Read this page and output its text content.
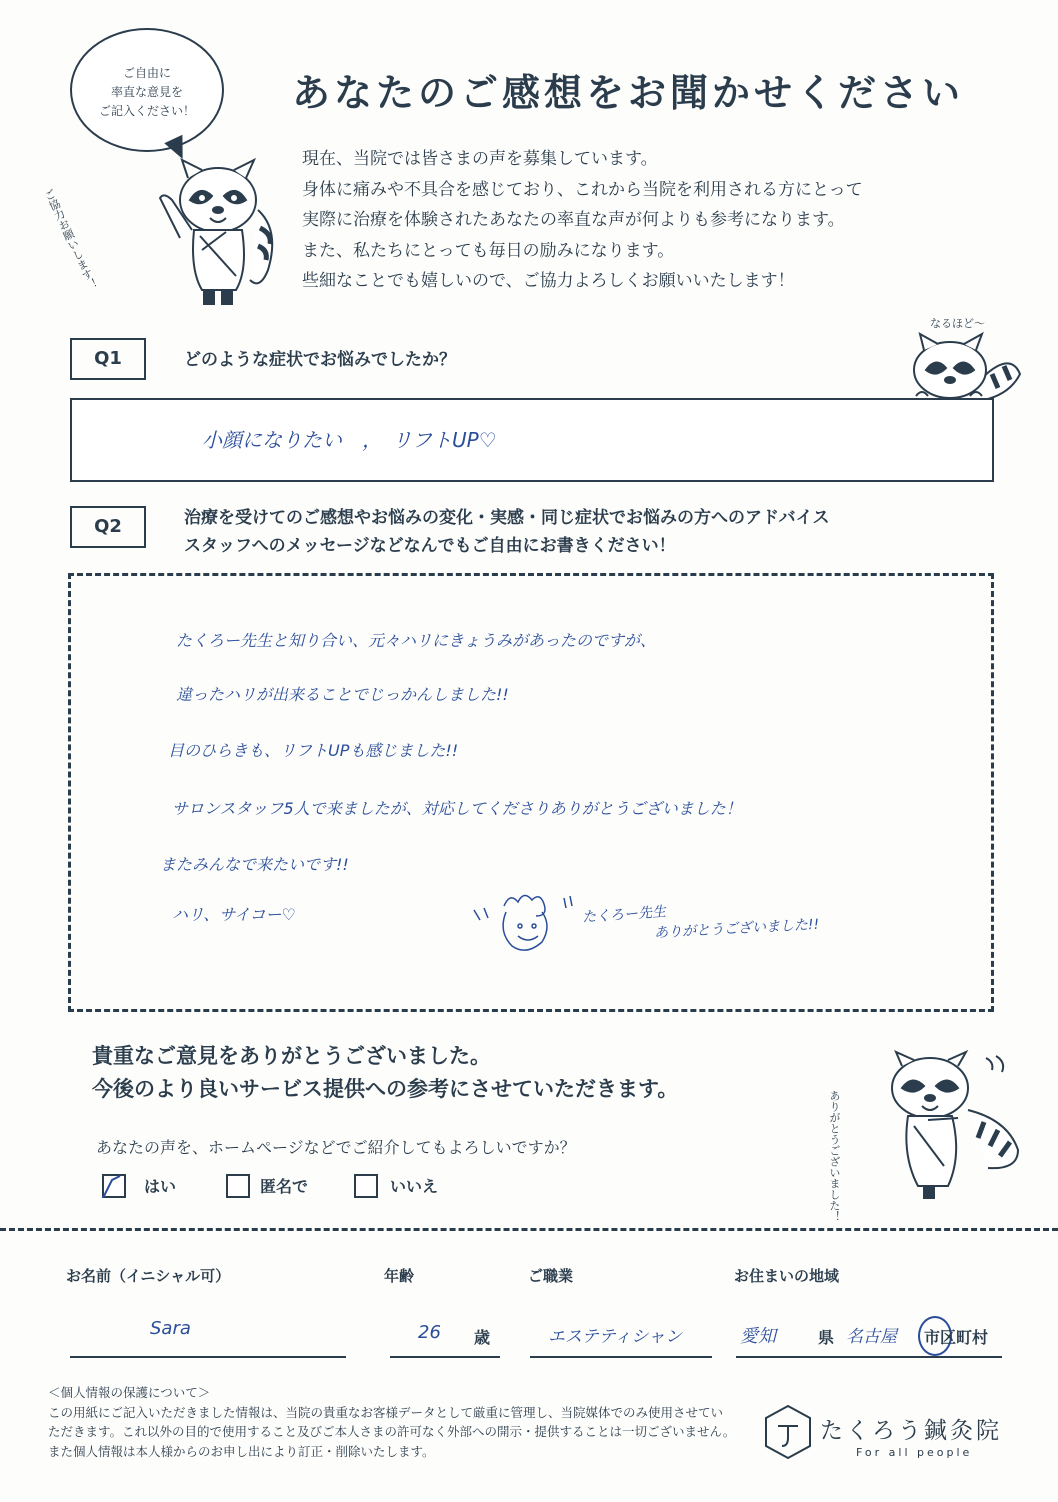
ご自由に
率直な意見を
ご記入ください！
ご協力お願いします！
あなたのご感想をお聞かせください
現在、当院では皆さまの声を募集しています。
身体に痛みや不具合を感じており、これから当院を利用される方にとって
実際に治療を体験されたあなたの率直な声が何よりも参考になります。
また、私たちにとっても毎日の励みになります。
些細なことでも嬉しいので、ご協力よろしくお願いいたします！
Q1	どのような症状でお悩みでしたか？
なるほど〜
小顔になりたい　，　リフトUP♡
Q2	治療を受けてのご感想やお悩みの変化・実感・同じ症状でお悩みの方へのアドバイス
スタッフへのメッセージなどなんでもご自由にお書きください！
たくろー先生と知り合い、元々ハリにきょうみがあったのですが、
違ったハリが出来ることでじっかんしました!!
目のひらきも、リフトUPも感じました!!
サロンスタッフ5人で来ましたが、対応してくださりありがとうございました！
またみんなで来たいです!!
ハリ、サイコー♡	たくろー先生
ありがとうございました!!
貴重なご意見をありがとうございました。
今後のより良いサービス提供への参考にさせていただきます。
ありがとうございました！
あなたの声を、ホームページなどでご紹介してもよろしいですか？
はい	匿名で	いいえ
お名前（イニシャル可）
Sara
年齢
26 歳
ご職業
エステティシャン
お住まいの地域
愛知	県 名古屋 市区町村
＜個人情報の保護について＞
この用紙にご記入いただきました情報は、当院の貴重なお客様データとして厳重に管理し、当院媒体でのみ使用させてい
ただきます。これ以外の目的で使用すること及びご本人さまの許可なく外部への開示・提供することは一切ございません。
また個人情報は本人様からのお申し出により訂正・削除いたします。
たくろう鍼灸院
For all people
